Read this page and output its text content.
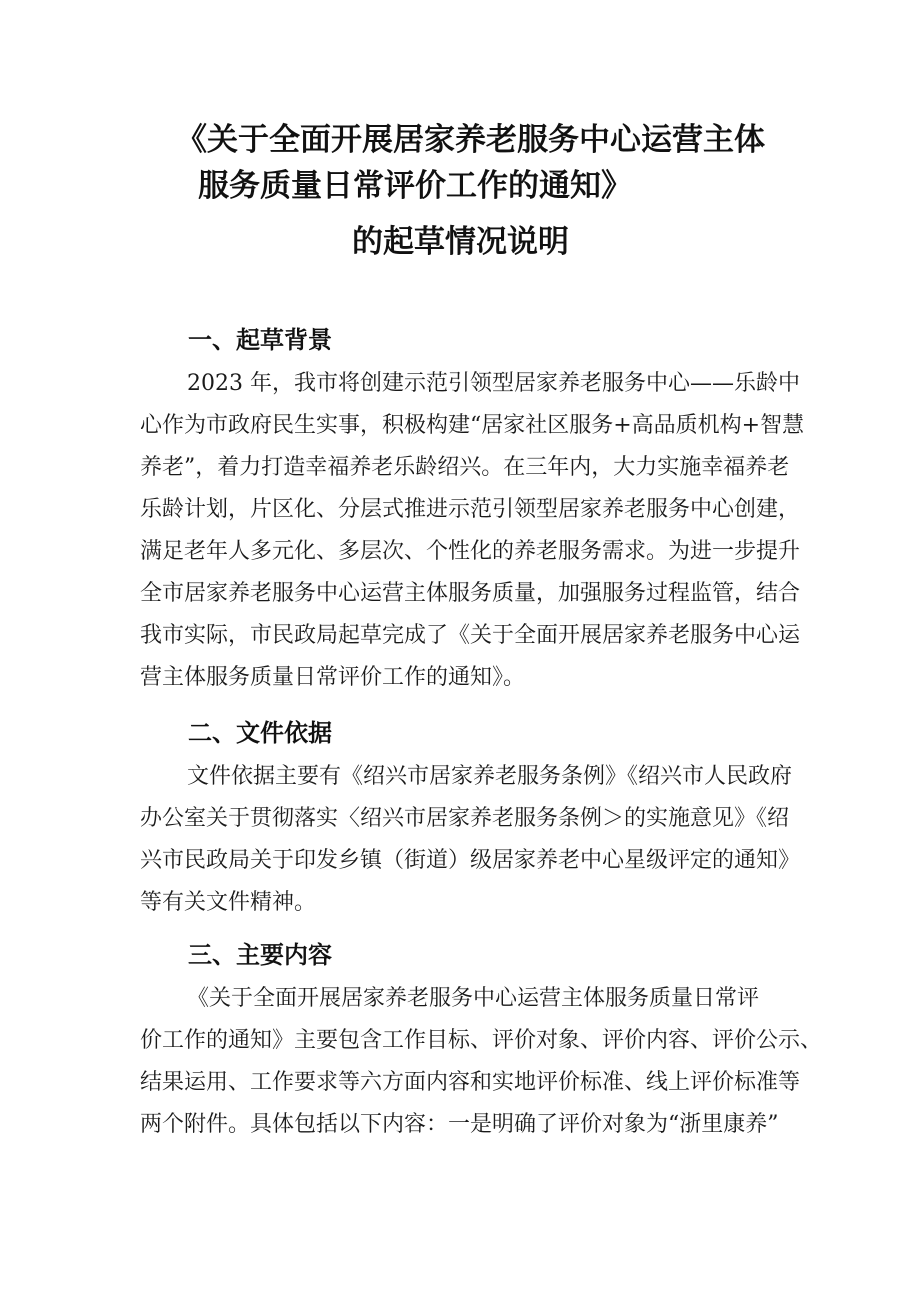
《关于全面开展居家养老服务中心运营主体
服务质量日常评价工作的通知》
的起草情况说明
一、起草背景
2023 年，我市将创建示范引领型居家养老服务中心——乐龄中
心作为市政府民生实事，积极构建“居家社区服务+高品质机构+智慧
养老”，着力打造幸福养老乐龄绍兴。在三年内，大力实施幸福养老
乐龄计划，片区化、分层式推进示范引领型居家养老服务中心创建，
满足老年人多元化、多层次、个性化的养老服务需求。为进一步提升
全市居家养老服务中心运营主体服务质量，加强服务过程监管，结合
我市实际，市民政局起草完成了《关于全面开展居家养老服务中心运
营主体服务质量日常评价工作的通知》。
二、文件依据
文件依据主要有《绍兴市居家养老服务条例》《绍兴市人民政府
办公室关于贯彻落实〈绍兴市居家养老服务条例＞的实施意见》《绍
兴市民政局关于印发乡镇（街道）级居家养老中心星级评定的通知》
等有关文件精神。
三、主要内容
《关于全面开展居家养老服务中心运营主体服务质量日常评
价工作的通知》主要包含工作目标、评价对象、评价内容、评价公示、
结果运用、工作要求等六方面内容和实地评价标准、线上评价标准等
两个附件。具体包括以下内容：一是明确了评价对象为“浙里康养”
